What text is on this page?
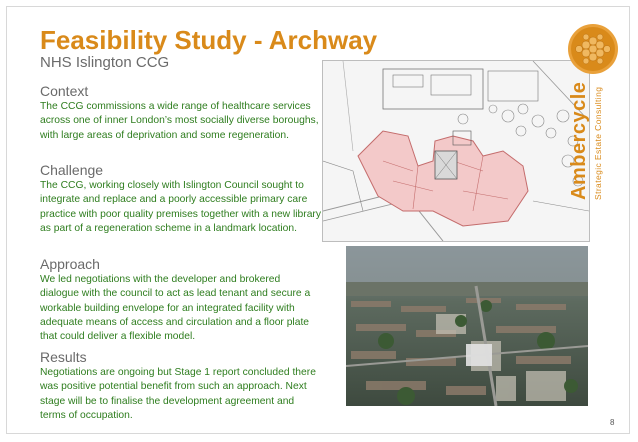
Feasibility Study - Archway
NHS Islington CCG
Context
The CCG commissions a wide range of healthcare services across one of inner London’s most socially diverse boroughs, with large areas of deprivation and some regeneration.
Challenge
The CCG, working closely with Islington Council sought to integrate and replace and a poorly accessible primary care practice with poor quality premises together with a new library as part of a regeneration scheme in a landmark location.
Approach
We led negotiations with the developer and brokered dialogue with the council to act as lead tenant and secure a workable building envelope for an integrated facility with adequate means of access and circulation and a floor plate that could deliver a flexible model.
Results
Negotiations are ongoing but Stage 1 report concluded there was positive potential benefit from such an approach. Next stage will be to finalise the development agreement and terms of occupation.
Ambercycle Strategic Estate Consulting
8
